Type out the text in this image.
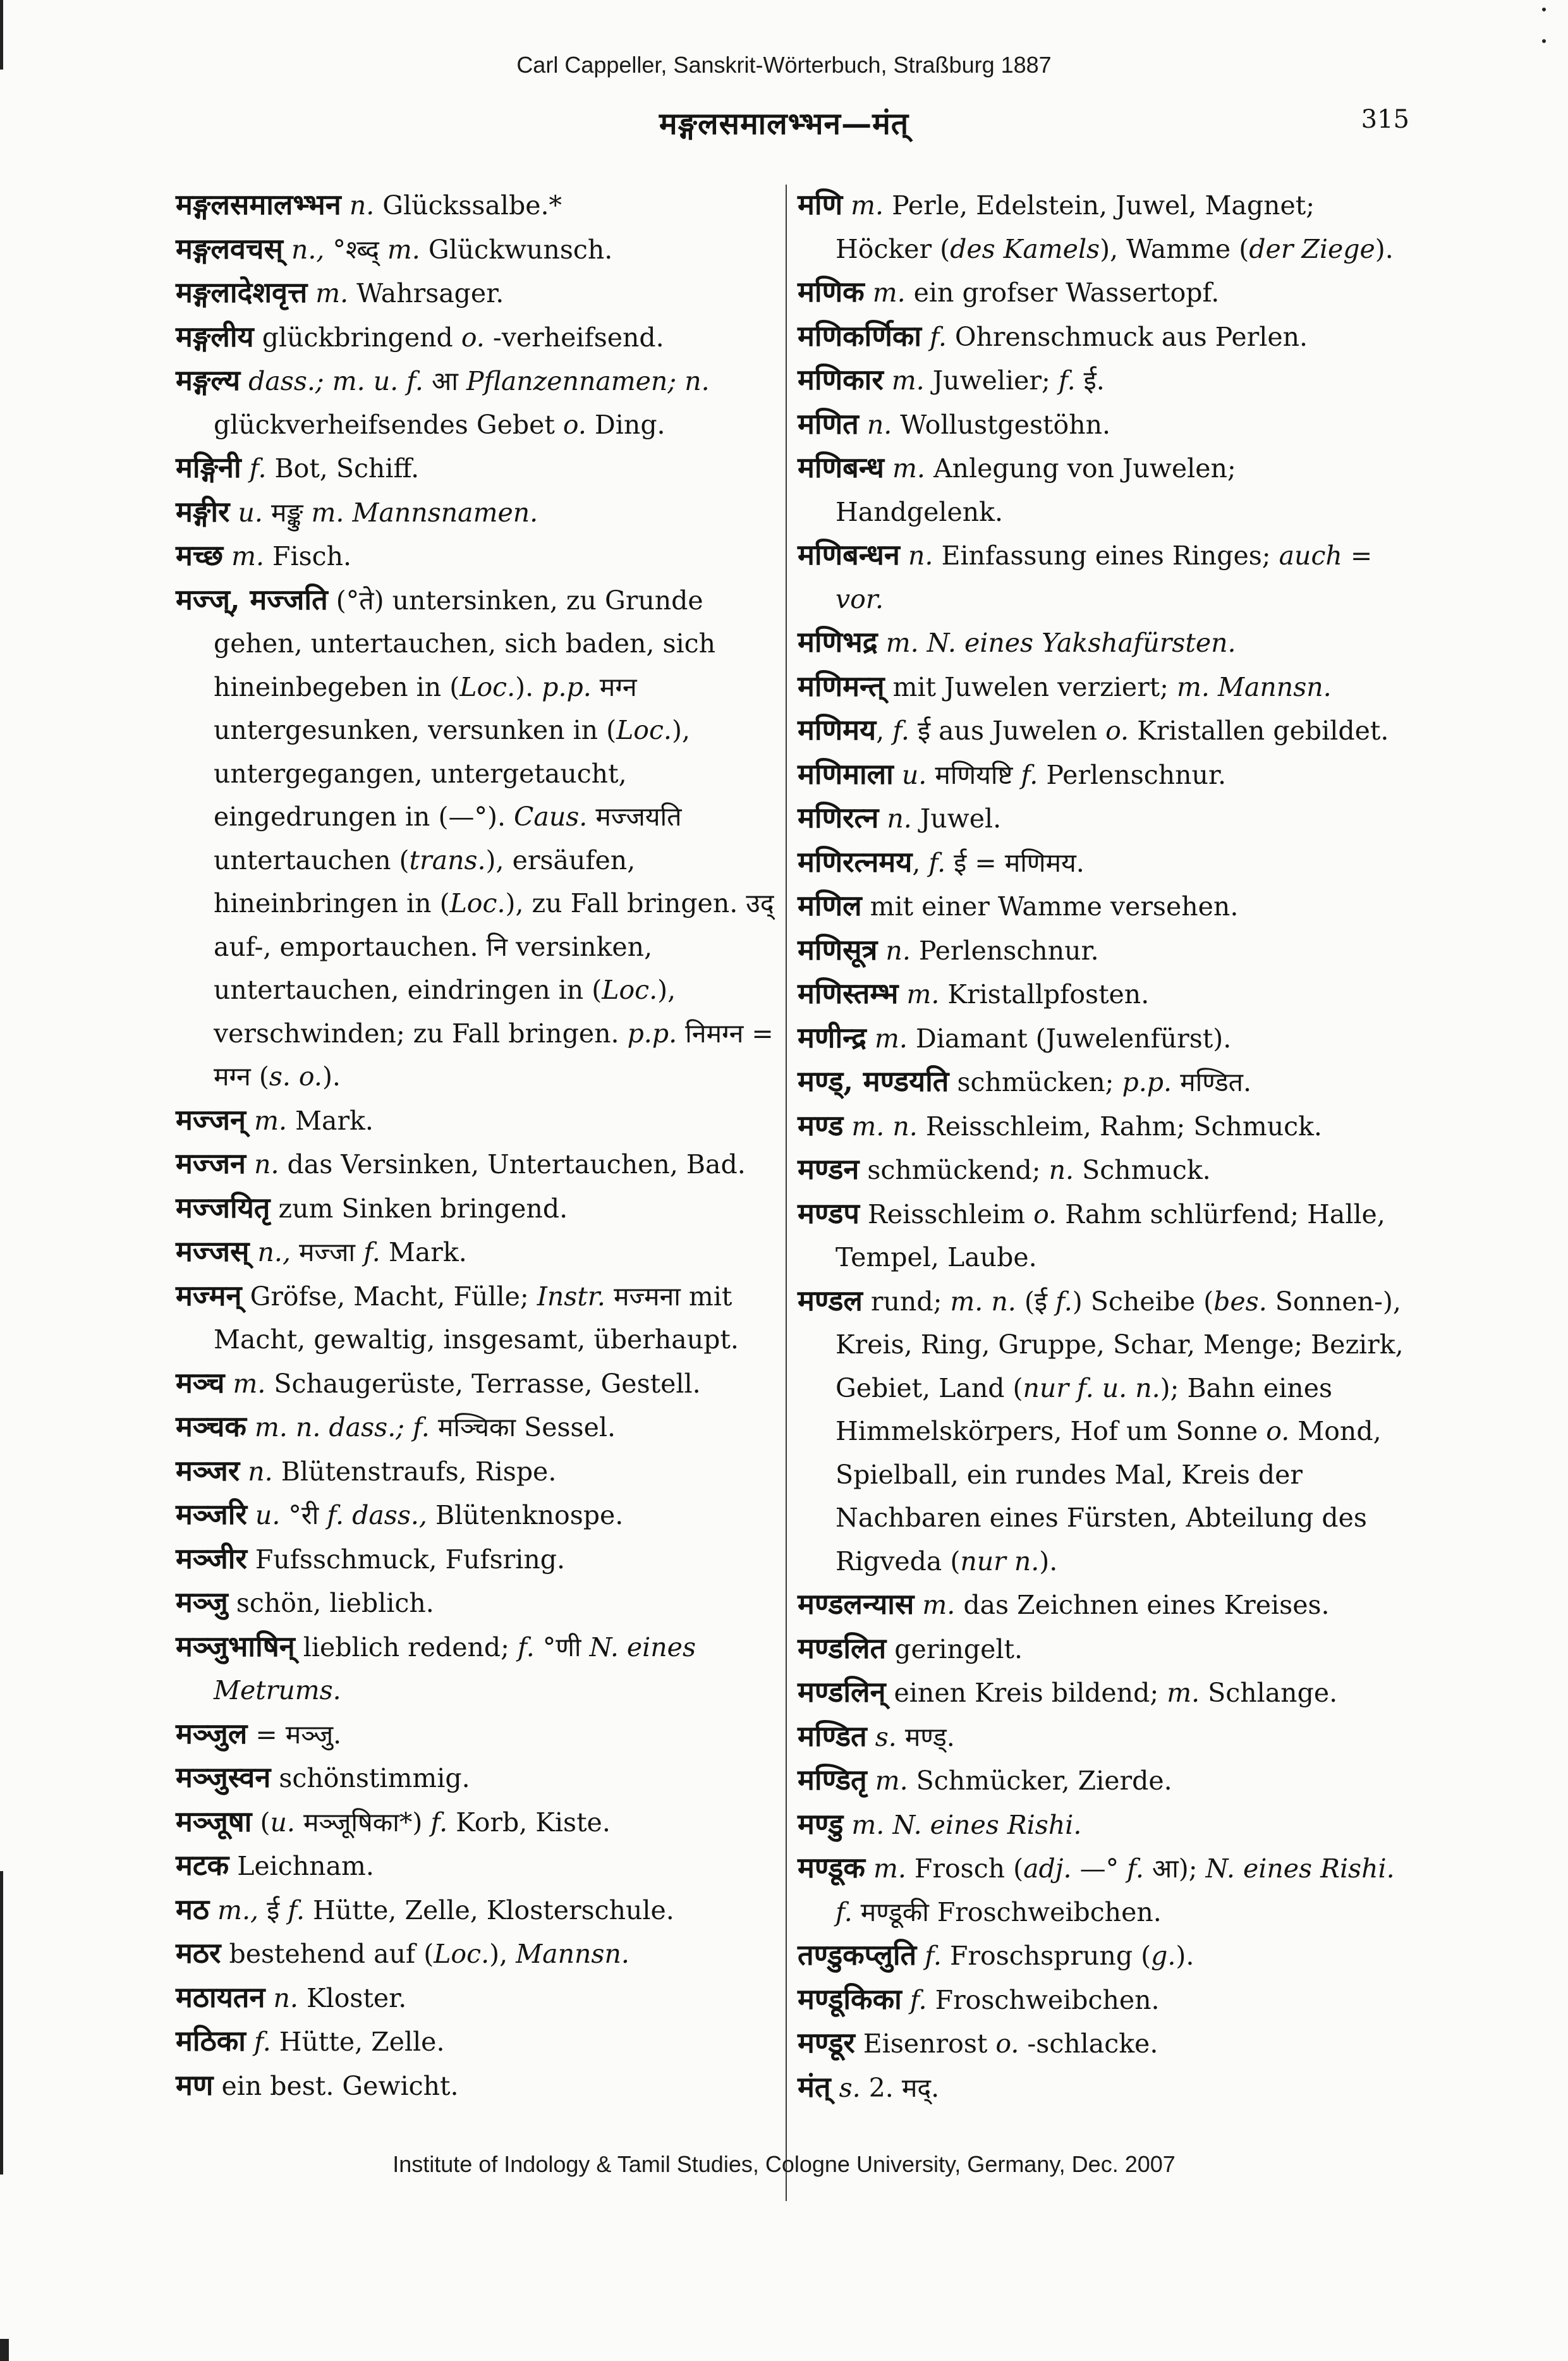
Carl Cappeller, Sanskrit-Wörterbuch, Straßburg 1887
मङ्गलसमालभ्भन—मंत्	315

मङ्गलसमालभ्भन n. Glückssalbe.*

मङ्गलवचस् n., °श्ब्द् m. Glückwunsch.

मङ्गलादेशवृत्त m. Wahrsager.

मङ्गलीय glückbringend o. -verheifsend.

मङ्गल्य dass.; m. u. f. आ Pflanzennamen; n. glückverheifsendes Gebet o. Ding.

मङ्गिनी f. Bot, Schiff.

मङ्गीर u. मङ्कु m. Mannsnamen.

मच्छ m. Fisch.

मज्ज्, मज्जति (°ते) untersinken, zu Grunde gehen, untertauchen, sich baden, sich hineinbegeben in (Loc.). p.p. मग्न untergesunken, versunken in (Loc.), untergegangen, untergetaucht, eingedrungen in (—°). Caus. मज्जयति untertauchen (trans.), ersäufen, hineinbringen in (Loc.), zu Fall bringen. उद् auf-, emportauchen. नि versinken, untertauchen, eindringen in (Loc.), verschwinden; zu Fall bringen. p.p. निमग्न = मग्न (s. o.).

मज्जन् m. Mark.

मज्जन n. das Versinken, Untertauchen, Bad.

मज्जयितृ zum Sinken bringend.

मज्जस् n., मज्जा f. Mark.

मज्मन् Gröfse, Macht, Fülle; Instr. मज्मना mit Macht, gewaltig, insgesamt, überhaupt.

मञ्च m. Schaugerüste, Terrasse, Gestell.

मञ्चक m. n. dass.; f. मञ्चिका Sessel.

मञ्जर n. Blütenstraufs, Rispe.

मञ्जरि u. °री f. dass., Blütenknospe.

मञ्जीर Fufsschmuck, Fufsring.

मञ्जु schön, lieblich.

मञ्जुभाषिन् lieblich redend; f. °णी N. eines Metrums.

मञ्जुल = मञ्जु.

मञ्जुस्वन schönstimmig.

मञ्जूषा (u. मञ्जूषिका*) f. Korb, Kiste.

मटक Leichnam.

मठ m., ई f. Hütte, Zelle, Klosterschule.

मठर bestehend auf (Loc.), Mannsn.

मठायतन n. Kloster.

मठिका f. Hütte, Zelle.

मण ein best. Gewicht.

मणि m. Perle, Edelstein, Juwel, Magnet; Höcker (des Kamels), Wamme (der Ziege).

मणिक m. ein grofser Wassertopf.

मणिकर्णिका f. Ohrenschmuck aus Perlen.

मणिकार m. Juwelier; f. ई.

मणित n. Wollustgestöhn.

मणिबन्ध m. Anlegung von Juwelen; Handgelenk.

मणिबन्धन n. Einfassung eines Ringes; auch = vor.

मणिभद्र m. N. eines Yakshafürsten.

मणिमन्त् mit Juwelen verziert; m. Mannsn.

मणिमय, f. ई aus Juwelen o. Kristallen gebildet.

मणिमाला u. मणियष्टि f. Perlenschnur.

मणिरत्न n. Juwel.

मणिरत्नमय, f. ई = मणिमय.

मणिल mit einer Wamme versehen.

मणिसूत्र n. Perlenschnur.

मणिस्तम्भ m. Kristallpfosten.

मणीन्द्र m. Diamant (Juwelenfürst).

मण्ड्, मण्डयति schmücken; p.p. मण्डित.

मण्ड m. n. Reisschleim, Rahm; Schmuck.

मण्डन schmückend; n. Schmuck.

मण्डप Reisschleim o. Rahm schlürfend; Halle, Tempel, Laube.

मण्डल rund; m. n. (ई f.) Scheibe (bes. Sonnen-), Kreis, Ring, Gruppe, Schar, Menge; Bezirk, Gebiet, Land (nur f. u. n.); Bahn eines Himmelskörpers, Hof um Sonne o. Mond, Spielball, ein rundes Mal, Kreis der Nachbaren eines Fürsten, Abteilung des Rigveda (nur n.).

मण्डलन्यास m. das Zeichnen eines Kreises.

मण्डलित geringelt.

मण्डलिन् einen Kreis bildend; m. Schlange.

मण्डित s. मण्ड्.

मण्डितृ m. Schmücker, Zierde.

मण्डु m. N. eines Rishi.

मण्डूक m. Frosch (adj. —° f. आ); N. eines Rishi. f. मण्डूकी Froschweibchen.

तण्डुकप्लुति f. Froschsprung (g.).

मण्डूकिका f. Froschweibchen.

मण्डूर Eisenrost o. -schlacke.

मंत् s. 2. मद्.

Institute of Indology & Tamil Studies, Cologne University, Germany, Dec. 2007
